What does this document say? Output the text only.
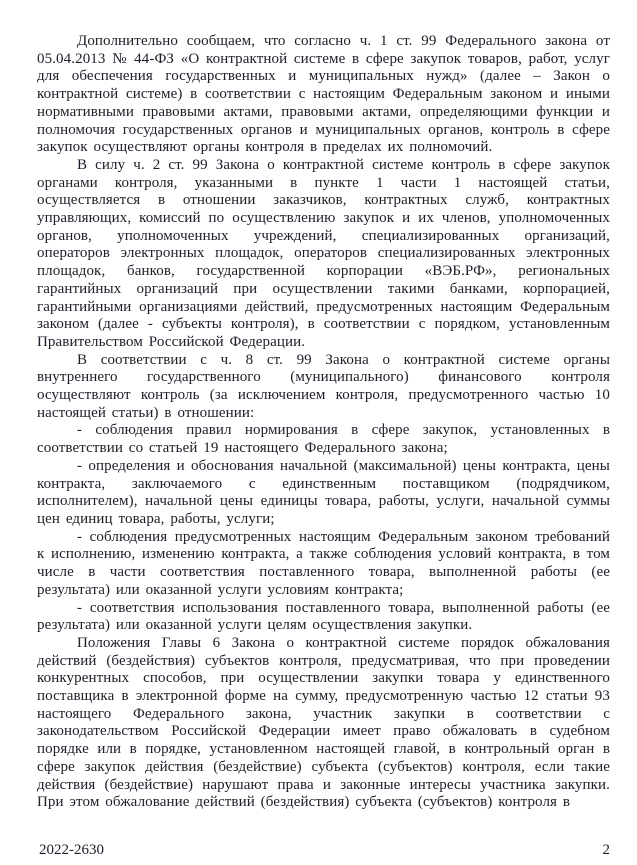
Дополнительно сообщаем, что согласно ч. 1 ст. 99 Федерального закона от 05.04.2013 № 44-ФЗ «О контрактной системе в сфере закупок товаров, работ, услуг для обеспечения государственных и муниципальных нужд» (далее – Закон о контрактной системе) в соответствии с настоящим Федеральным законом и иными нормативными правовыми актами, правовыми актами, определяющими функции и полномочия государственных органов и муниципальных органов, контроль в сфере закупок осуществляют органы контроля в пределах их полномочий.

В силу ч. 2 ст. 99 Закона о контрактной системе контроль в сфере закупок органами контроля, указанными в пункте 1 части 1 настоящей статьи, осуществляется в отношении заказчиков, контрактных служб, контрактных управляющих, комиссий по осуществлению закупок и их членов, уполномоченных органов, уполномоченных учреждений, специализированных организаций, операторов электронных площадок, операторов специализированных электронных площадок, банков, государственной корпорации «ВЭБ.РФ», региональных гарантийных организаций при осуществлении такими банками, корпорацией, гарантийными организациями действий, предусмотренных настоящим Федеральным законом (далее - субъекты контроля), в соответствии с порядком, установленным Правительством Российской Федерации.

В соответствии с ч. 8 ст. 99 Закона о контрактной системе органы внутреннего государственного (муниципального) финансового контроля осуществляют контроль (за исключением контроля, предусмотренного частью 10 настоящей статьи) в отношении:

- соблюдения правил нормирования в сфере закупок, установленных в соответствии со статьей 19 настоящего Федерального закона;

- определения и обоснования начальной (максимальной) цены контракта, цены контракта, заключаемого с единственным поставщиком (подрядчиком, исполнителем), начальной цены единицы товара, работы, услуги, начальной суммы цен единиц товара, работы, услуги;

- соблюдения предусмотренных настоящим Федеральным законом требований к исполнению, изменению контракта, а также соблюдения условий контракта, в том числе в части соответствия поставленного товара, выполненной работы (ее результата) или оказанной услуги условиям контракта;

- соответствия использования поставленного товара, выполненной работы (ее результата) или оказанной услуги целям осуществления закупки.

Положения Главы 6 Закона о контрактной системе порядок обжалования действий (бездействия) субъектов контроля, предусматривая, что при проведении конкурентных способов, при осуществлении закупки товара у единственного поставщика в электронной форме на сумму, предусмотренную частью 12 статьи 93 настоящего Федерального закона, участник закупки в соответствии с законодательством Российской Федерации имеет право обжаловать в судебном порядке или в порядке, установленном настоящей главой, в контрольный орган в сфере закупок действия (бездействие) субъекта (субъектов) контроля, если такие действия (бездействие) нарушают права и законные интересы участника закупки. При этом обжалование действий (бездействия) субъекта (субъектов) контроля в

2022-2630	2
